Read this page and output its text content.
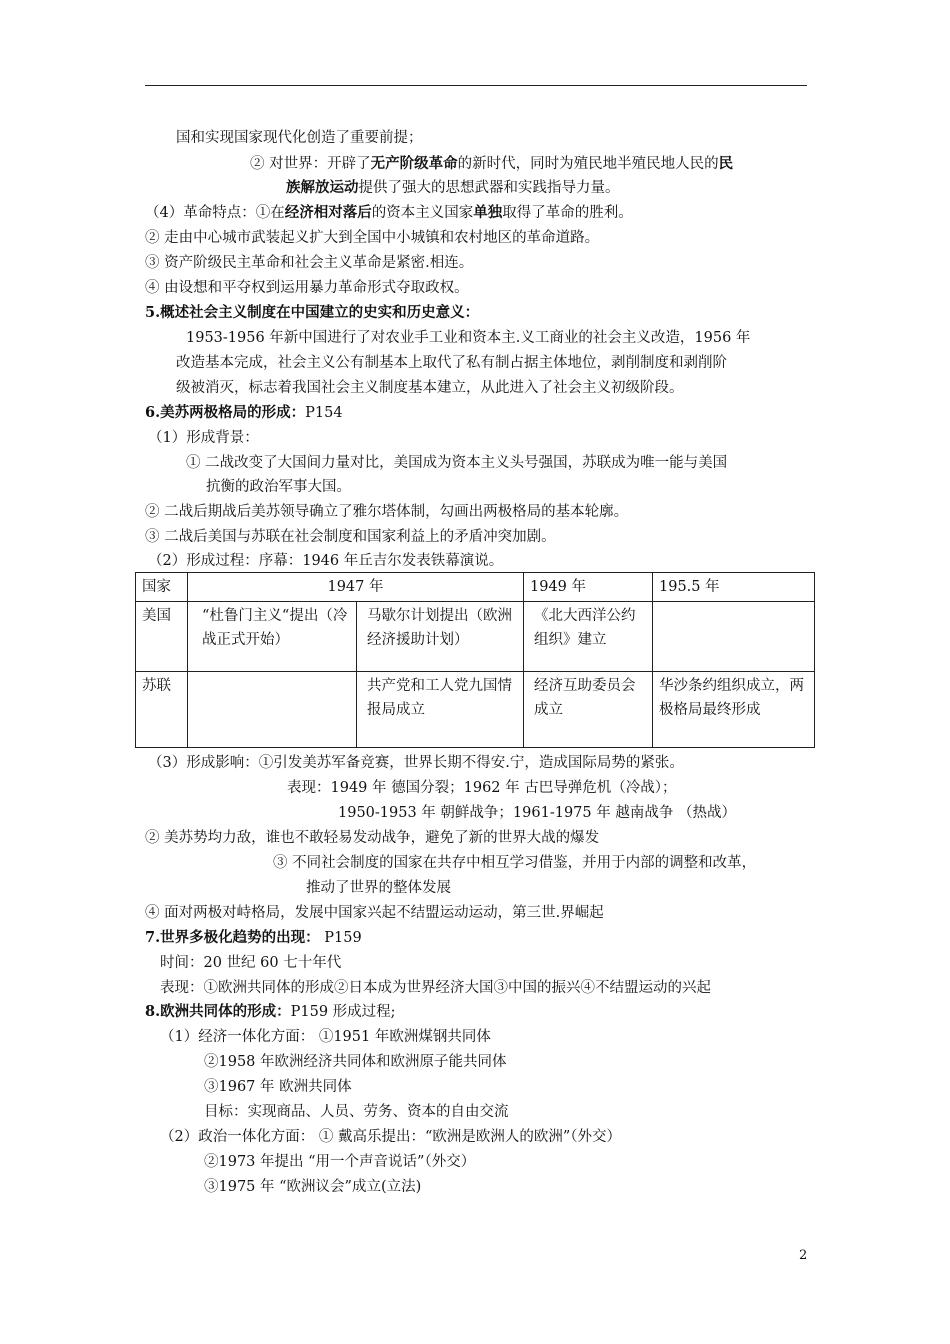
国和实现国家现代化创造了重要前提；
② 对世界：开辟了无产阶级革命的新时代，同时为殖民地半殖民地人民的民
族解放运动提供了强大的思想武器和实践指导力量。
（4）革命特点：①在经济相对落后的资本主义国家单独取得了革命的胜利。
② 走由中心城市武装起义扩大到全国中小城镇和农村地区的革命道路。
③ 资产阶级民主革命和社会主义革命是紧密.相连。
④ 由设想和平夺权到运用暴力革命形式夺取政权。
5.概述社会主义制度在中国建立的史实和历史意义：
1953-1956 年新中国进行了对农业手工业和资本主.义工商业的社会主义改造，1956 年
改造基本完成，社会主义公有制基本上取代了私有制占据主体地位，剥削制度和剥削阶
级被消灭，标志着我国社会主义制度基本建立，从此进入了社会主义初级阶段。
6.美苏两极格局的形成：P154
（1）形成背景：
① 二战改变了大国间力量对比，美国成为资本主义头号强国，苏联成为唯一能与美国
抗衡的政治军事大国。
② 二战后期战后美苏领导确立了雅尔塔体制，勾画出两极格局的基本轮廓。
③ 二战后美国与苏联在社会制度和国家利益上的矛盾冲突加剧。
（2）形成过程：序幕：1946 年丘吉尔发表铁幕演说。
国家	1947 年		1949 年	195.5 年
美国	“杜鲁门主义“提出（冷战正式开始）	马歇尔计划提出（欧洲经济援助计划）	《北大西洋公约组织》建立	
苏联		共产党和工人党九国情报局成立	经济互助委员会成立	华沙条约组织成立，两极格局最终形成
（3）形成影响：①引发美苏军备竞赛，世界长期不得安.宁，造成国际局势的紧张。
表现：1949 年 德国分裂；1962 年 古巴导弹危机（冷战）；
1950-1953 年 朝鲜战争；1961-1975 年 越南战争 （热战）
② 美苏势均力敌，谁也不敢轻易发动战争，避免了新的世界大战的爆发
③ 不同社会制度的国家在共存中相互学习借鉴，并用于内部的调整和改革，
推动了世界的整体发展
④ 面对两极对峙格局，发展中国家兴起不结盟运动运动，第三世.界崛起
7.世界多极化趋势的出现： P159
时间：20 世纪 60 七十年代
表现：①欧洲共同体的形成②日本成为世界经济大国③中国的振兴④不结盟运动的兴起
8.欧洲共同体的形成：P159 形成过程;
（1）经济一体化方面： ①1951 年欧洲煤钢共同体
②1958 年欧洲经济共同体和欧洲原子能共同体
③1967 年 欧洲共同体
目标：实现商品、人员、劳务、资本的自由交流
（2）政治一体化方面： ① 戴高乐提出：“欧洲是欧洲人的欧洲”（外交）
②1973 年提出 “用一个声音说话”（外交）
③1975 年 “欧洲议会”成立(立法)
2
